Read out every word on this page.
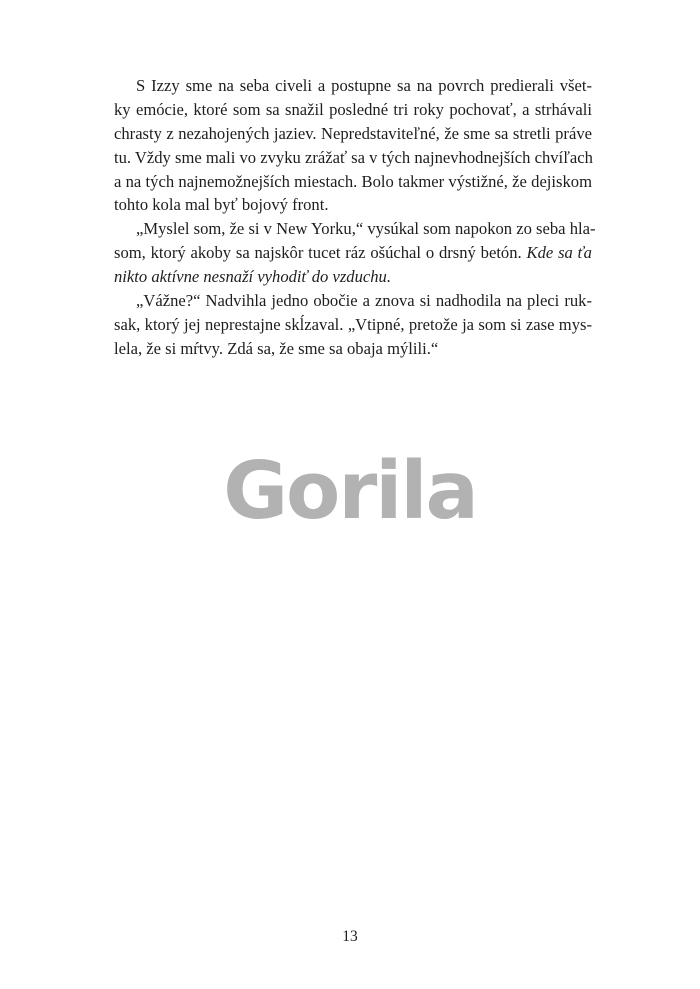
S Izzy sme na seba civeli a postupne sa na povrch predierali všet-
ky emócie, ktoré som sa snažil posledné tri roky pochovať, a strhávali
chrasty z nezahojených jaziev. Nepredstaviteľné, že sme sa stretli práve
tu. Vždy sme mali vo zvyku zrážať sa v tých najnevhodnejších chvíľach
a na tých najnemožnejších miestach. Bolo takmer výstižné, že dejiskom
tohto kola mal byť bojový front.
„Myslel som, že si v New Yorku,“ vysúkal som napokon zo seba hla-
som, ktorý akoby sa najskôr tucet ráz ošúchal o drsný betón. Kde sa ťa
nikto aktívne nesnaží vyhodiť do vzduchu.
„Vážne?“ Nadvihla jedno obočie a znova si nadhodila na pleci ruk-
sak, ktorý jej neprestajne skĺzaval. „Vtipné, pretože ja som si zase mys-
lela, že si mŕtvy. Zdá sa, že sme sa obaja mýlili.“
Gorila
13
